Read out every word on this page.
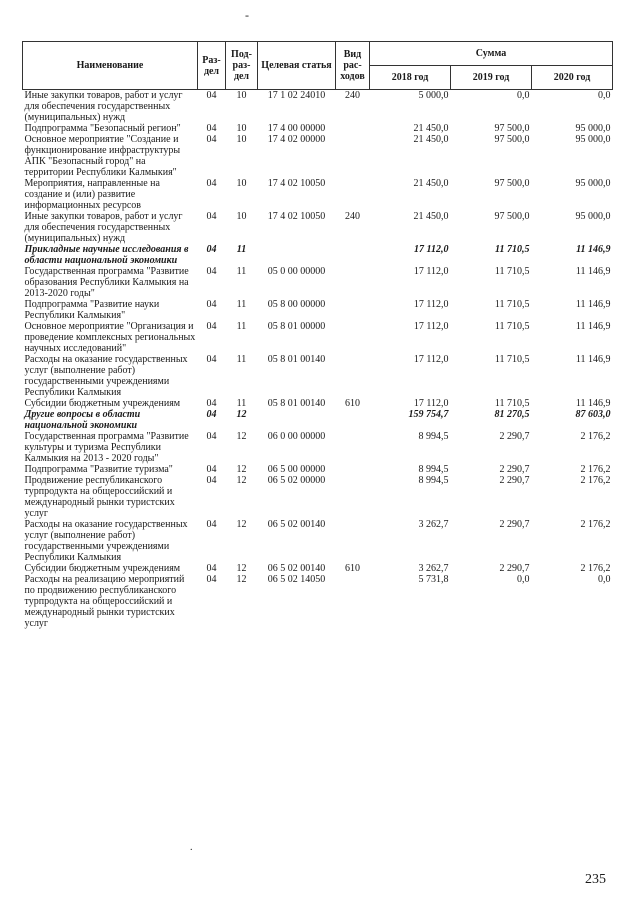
-
Наименование	Раз-дел	Под-раз-дел	Целевая статья	Вид рас-ходов	Сумма		
					2018 год	2019 год	2020 год
Иные закупки товаров, работ и услуг для обеспечения государственных (муниципальных) нужд	04	10	17 1 02 24010	240	5 000,0	0,0	0,0
Подпрограмма "Безопасный регион"	04	10	17 4 00 00000		21 450,0	97 500,0	95 000,0
Основное мероприятие "Создание и функционирование инфраструктуры АПК "Безопасный город" на территории Республики Калмыкия"	04	10	17 4 02 00000		21 450,0	97 500,0	95 000,0
Мероприятия, направленные на создание и (или) развитие информационных ресурсов	04	10	17 4 02 10050		21 450,0	97 500,0	95 000,0
Иные закупки товаров, работ и услуг для обеспечения государственных (муниципальных) нужд	04	10	17 4 02 10050	240	21 450,0	97 500,0	95 000,0
Прикладные научные исследования в области национальной экономики	04	11			17 112,0	11 710,5	11 146,9
Государственная программа "Развитие образования Республики Калмыкия на 2013-2020 годы"	04	11	05 0 00 00000		17 112,0	11 710,5	11 146,9
Подпрограмма "Развитие науки Республики Калмыкия"	04	11	05 8 00 00000		17 112,0	11 710,5	11 146,9
Основное мероприятие "Организация и проведение комплексных региональных научных исследований"	04	11	05 8 01 00000		17 112,0	11 710,5	11 146,9
Расходы на оказание государственных услуг (выполнение работ) государственными учреждениями Республики Калмыкия	04	11	05 8 01 00140		17 112,0	11 710,5	11 146,9
Субсидии бюджетным учреждениям	04	11	05 8 01 00140	610	17 112,0	11 710,5	11 146,9
Другие вопросы в области национальной экономики	04	12			159 754,7	81 270,5	87 603,0
Государственная программа "Развитие культуры и туризма Республики Калмыкия на 2013 - 2020 годы"	04	12	06 0 00 00000		8 994,5	2 290,7	2 176,2
Подпрограмма "Развитие туризма"	04	12	06 5 00 00000		8 994,5	2 290,7	2 176,2
Продвижение республиканского турпродукта на общероссийский и международный рынки туристских услуг	04	12	06 5 02 00000		8 994,5	2 290,7	2 176,2
Расходы на оказание государственных услуг (выполнение работ) государственными учреждениями Республики Калмыкия	04	12	06 5 02 00140		3 262,7	2 290,7	2 176,2
Субсидии бюджетным учреждениям	04	12	06 5 02 00140	610	3 262,7	2 290,7	2 176,2
Расходы на реализацию мероприятий по продвижению республиканского турпродукта на общероссийский и международный рынки туристских услуг	04	12	06 5 02 14050		5 731,8	0,0	0,0
.
235
